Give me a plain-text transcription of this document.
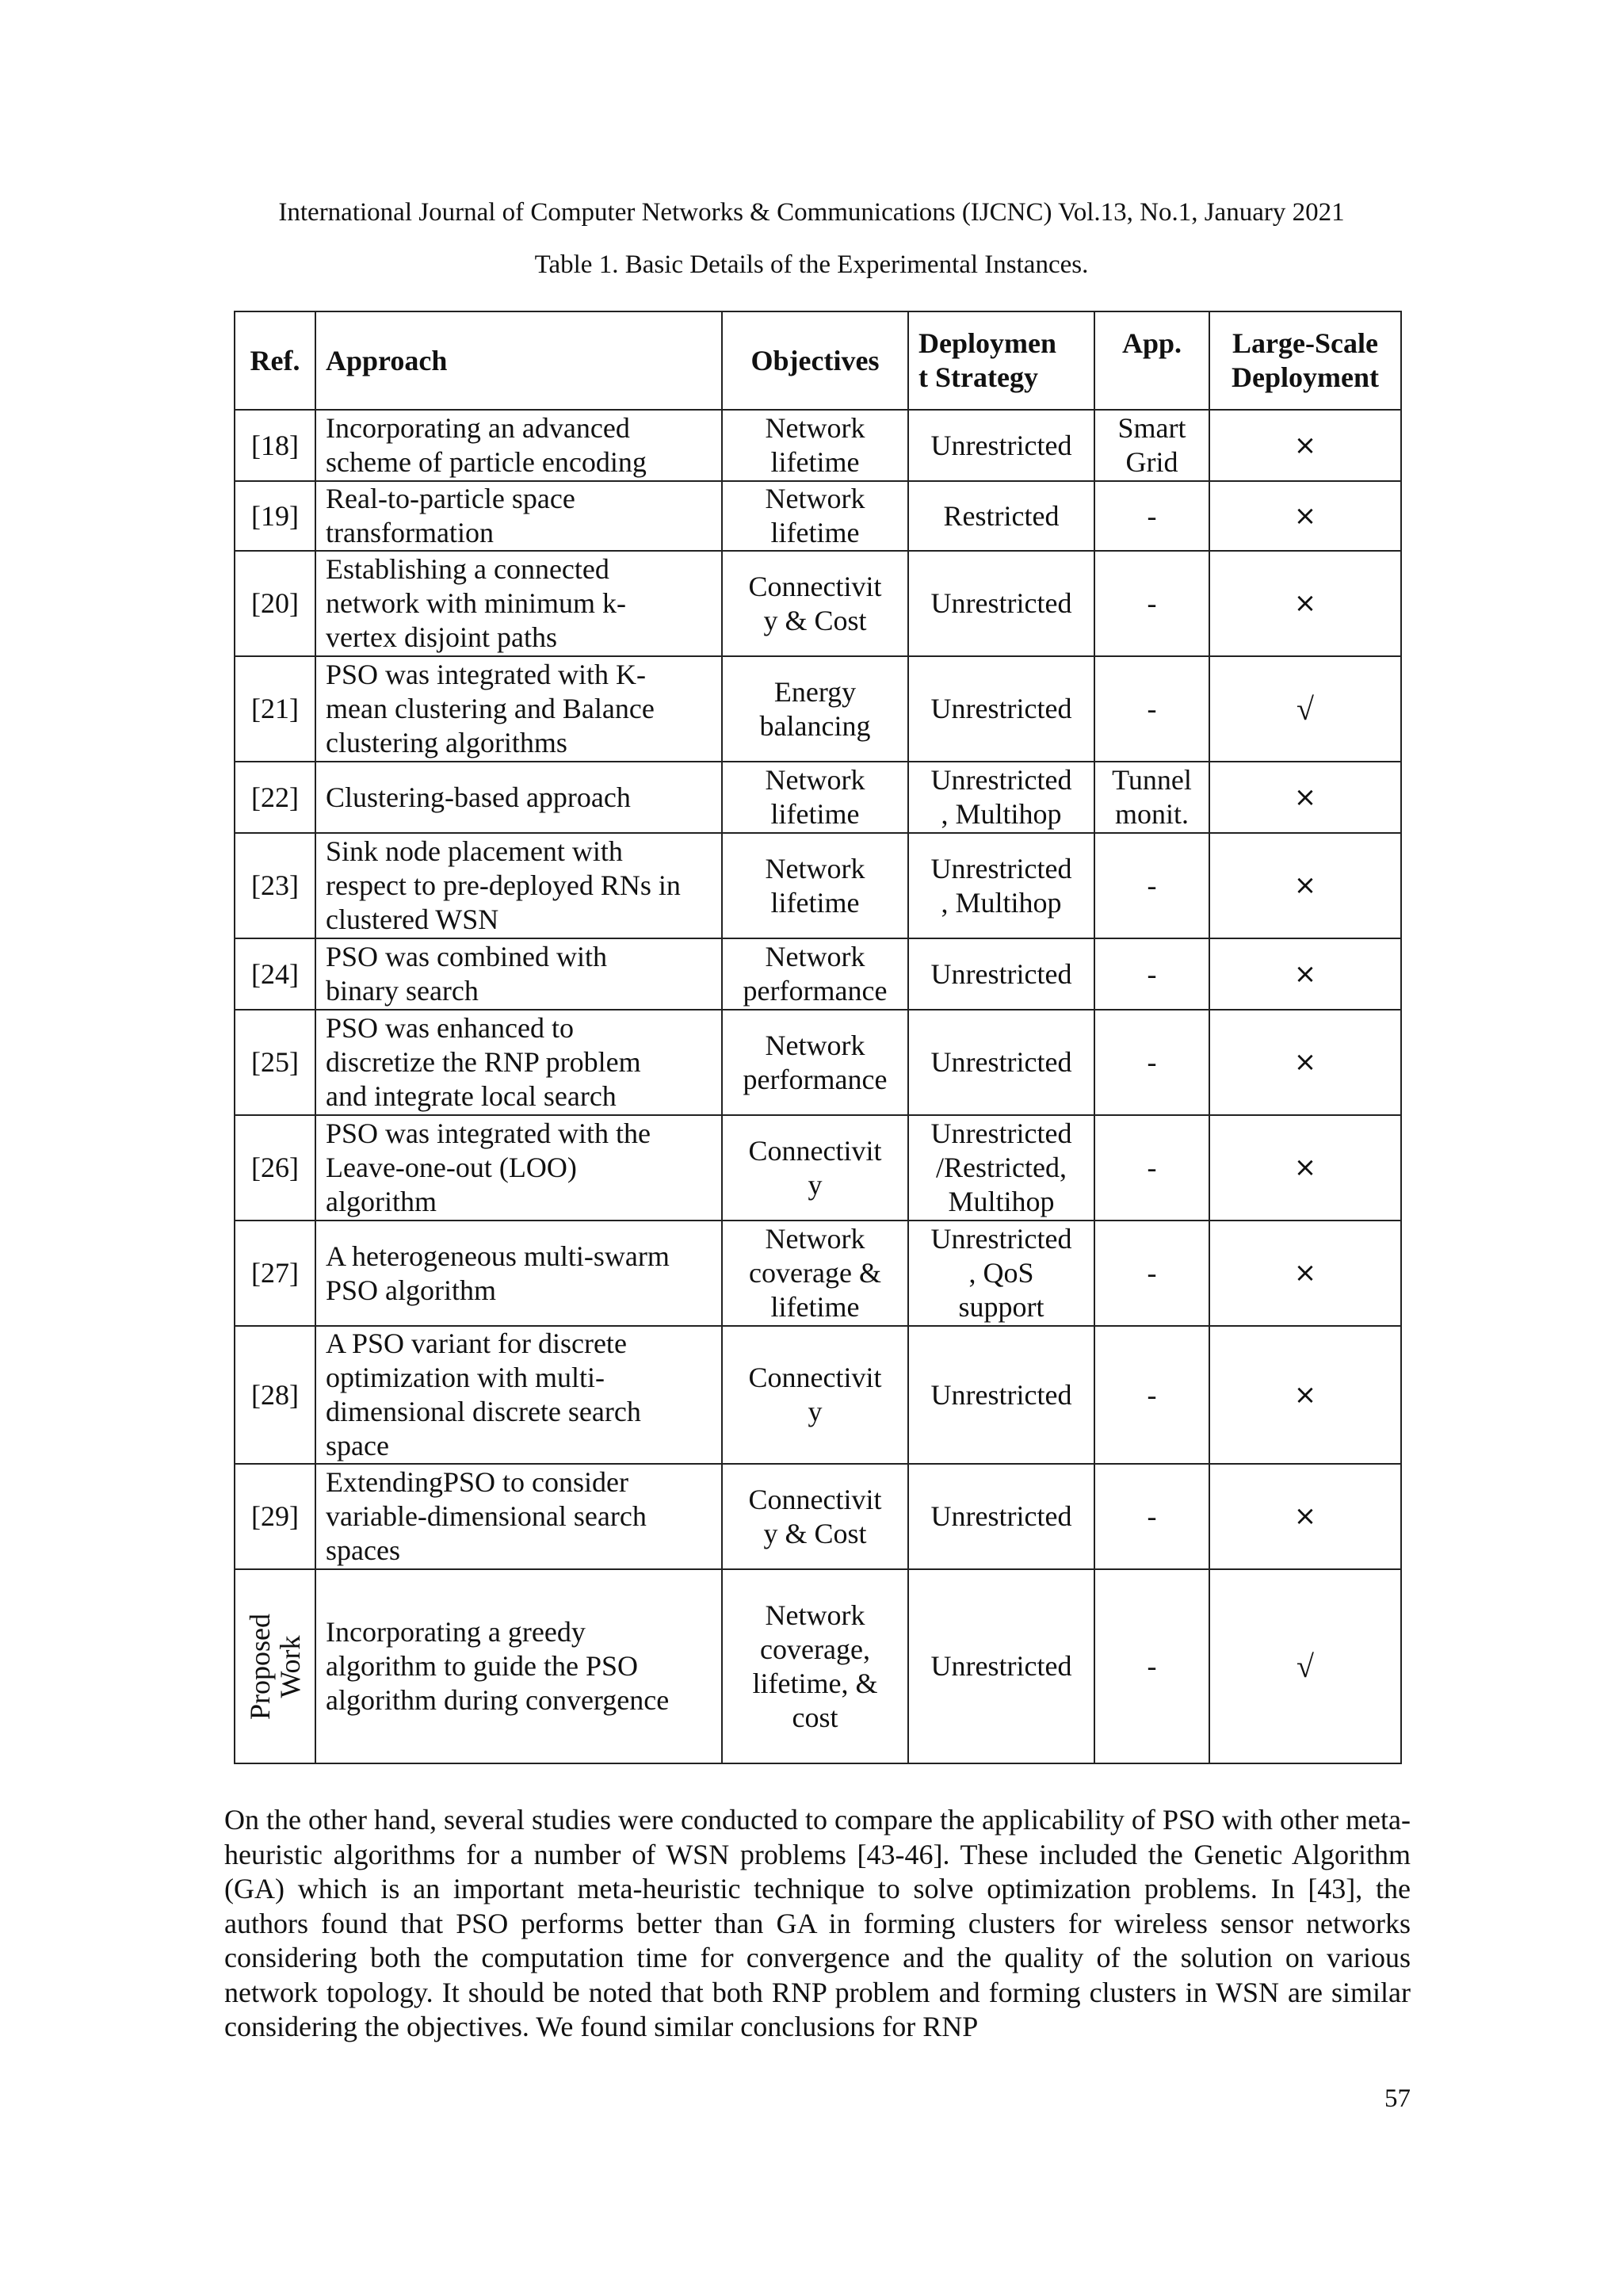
International Journal of Computer Networks & Communications (IJCNC) Vol.13, No.1, January 2021
Table 1. Basic Details of the Experimental Instances.
Ref.	Approach	Objectives	Deploymen
t Strategy	App.	Large-Scale
Deployment
[18]	Incorporating an advanced
scheme of particle encoding	Network
lifetime	Unrestricted	Smart
Grid	×
[19]	Real-to-particle space
transformation	Network
lifetime	Restricted	-	×
[20]	Establishing a connected
network with minimum k-
vertex disjoint paths	Connectivit
y & Cost	Unrestricted	-	×
[21]	PSO was integrated with K-
mean clustering and Balance
clustering algorithms	Energy
balancing	Unrestricted	-	√
[22]	Clustering-based approach	Network
lifetime	Unrestricted
, Multihop	Tunnel
monit.	×
[23]	Sink node placement with
respect to pre-deployed RNs in
clustered WSN	Network
lifetime	Unrestricted
, Multihop	-	×
[24]	PSO was combined with
binary search	Network
performance	Unrestricted	-	×
[25]	PSO was enhanced to
discretize the RNP problem
and integrate local search	Network
performance	Unrestricted	-	×
[26]	PSO was integrated with the
Leave-one-out (LOO)
algorithm	Connectivit
y	Unrestricted
/Restricted,
Multihop	-	×
[27]	A heterogeneous multi-swarm
PSO algorithm	Network
coverage &
lifetime	Unrestricted
, QoS
support	-	×
[28]	A PSO variant for discrete
optimization with multi-
dimensional discrete search
space	Connectivit
y	Unrestricted	-	×
[29]	ExtendingPSO to consider
variable-dimensional search
spaces	Connectivit
y & Cost	Unrestricted	-	×

Proposed
Work	Incorporating a greedy
algorithm to guide the PSO
algorithm during convergence	Network
coverage,
lifetime, &
cost	Unrestricted	-	√
On the other hand, several studies were conducted to compare the applicability of PSO with other meta-heuristic algorithms for a number of WSN problems [43-46]. These included the Genetic Algorithm (GA) which is an important meta-heuristic technique to solve optimization problems. In [43], the authors found that PSO performs better than GA in forming clusters for wireless sensor networks considering both the computation time for convergence and the quality of the solution on various network topology. It should be noted that both RNP problem and forming clusters in WSN are similar considering the objectives. We found similar conclusions for RNP
57
